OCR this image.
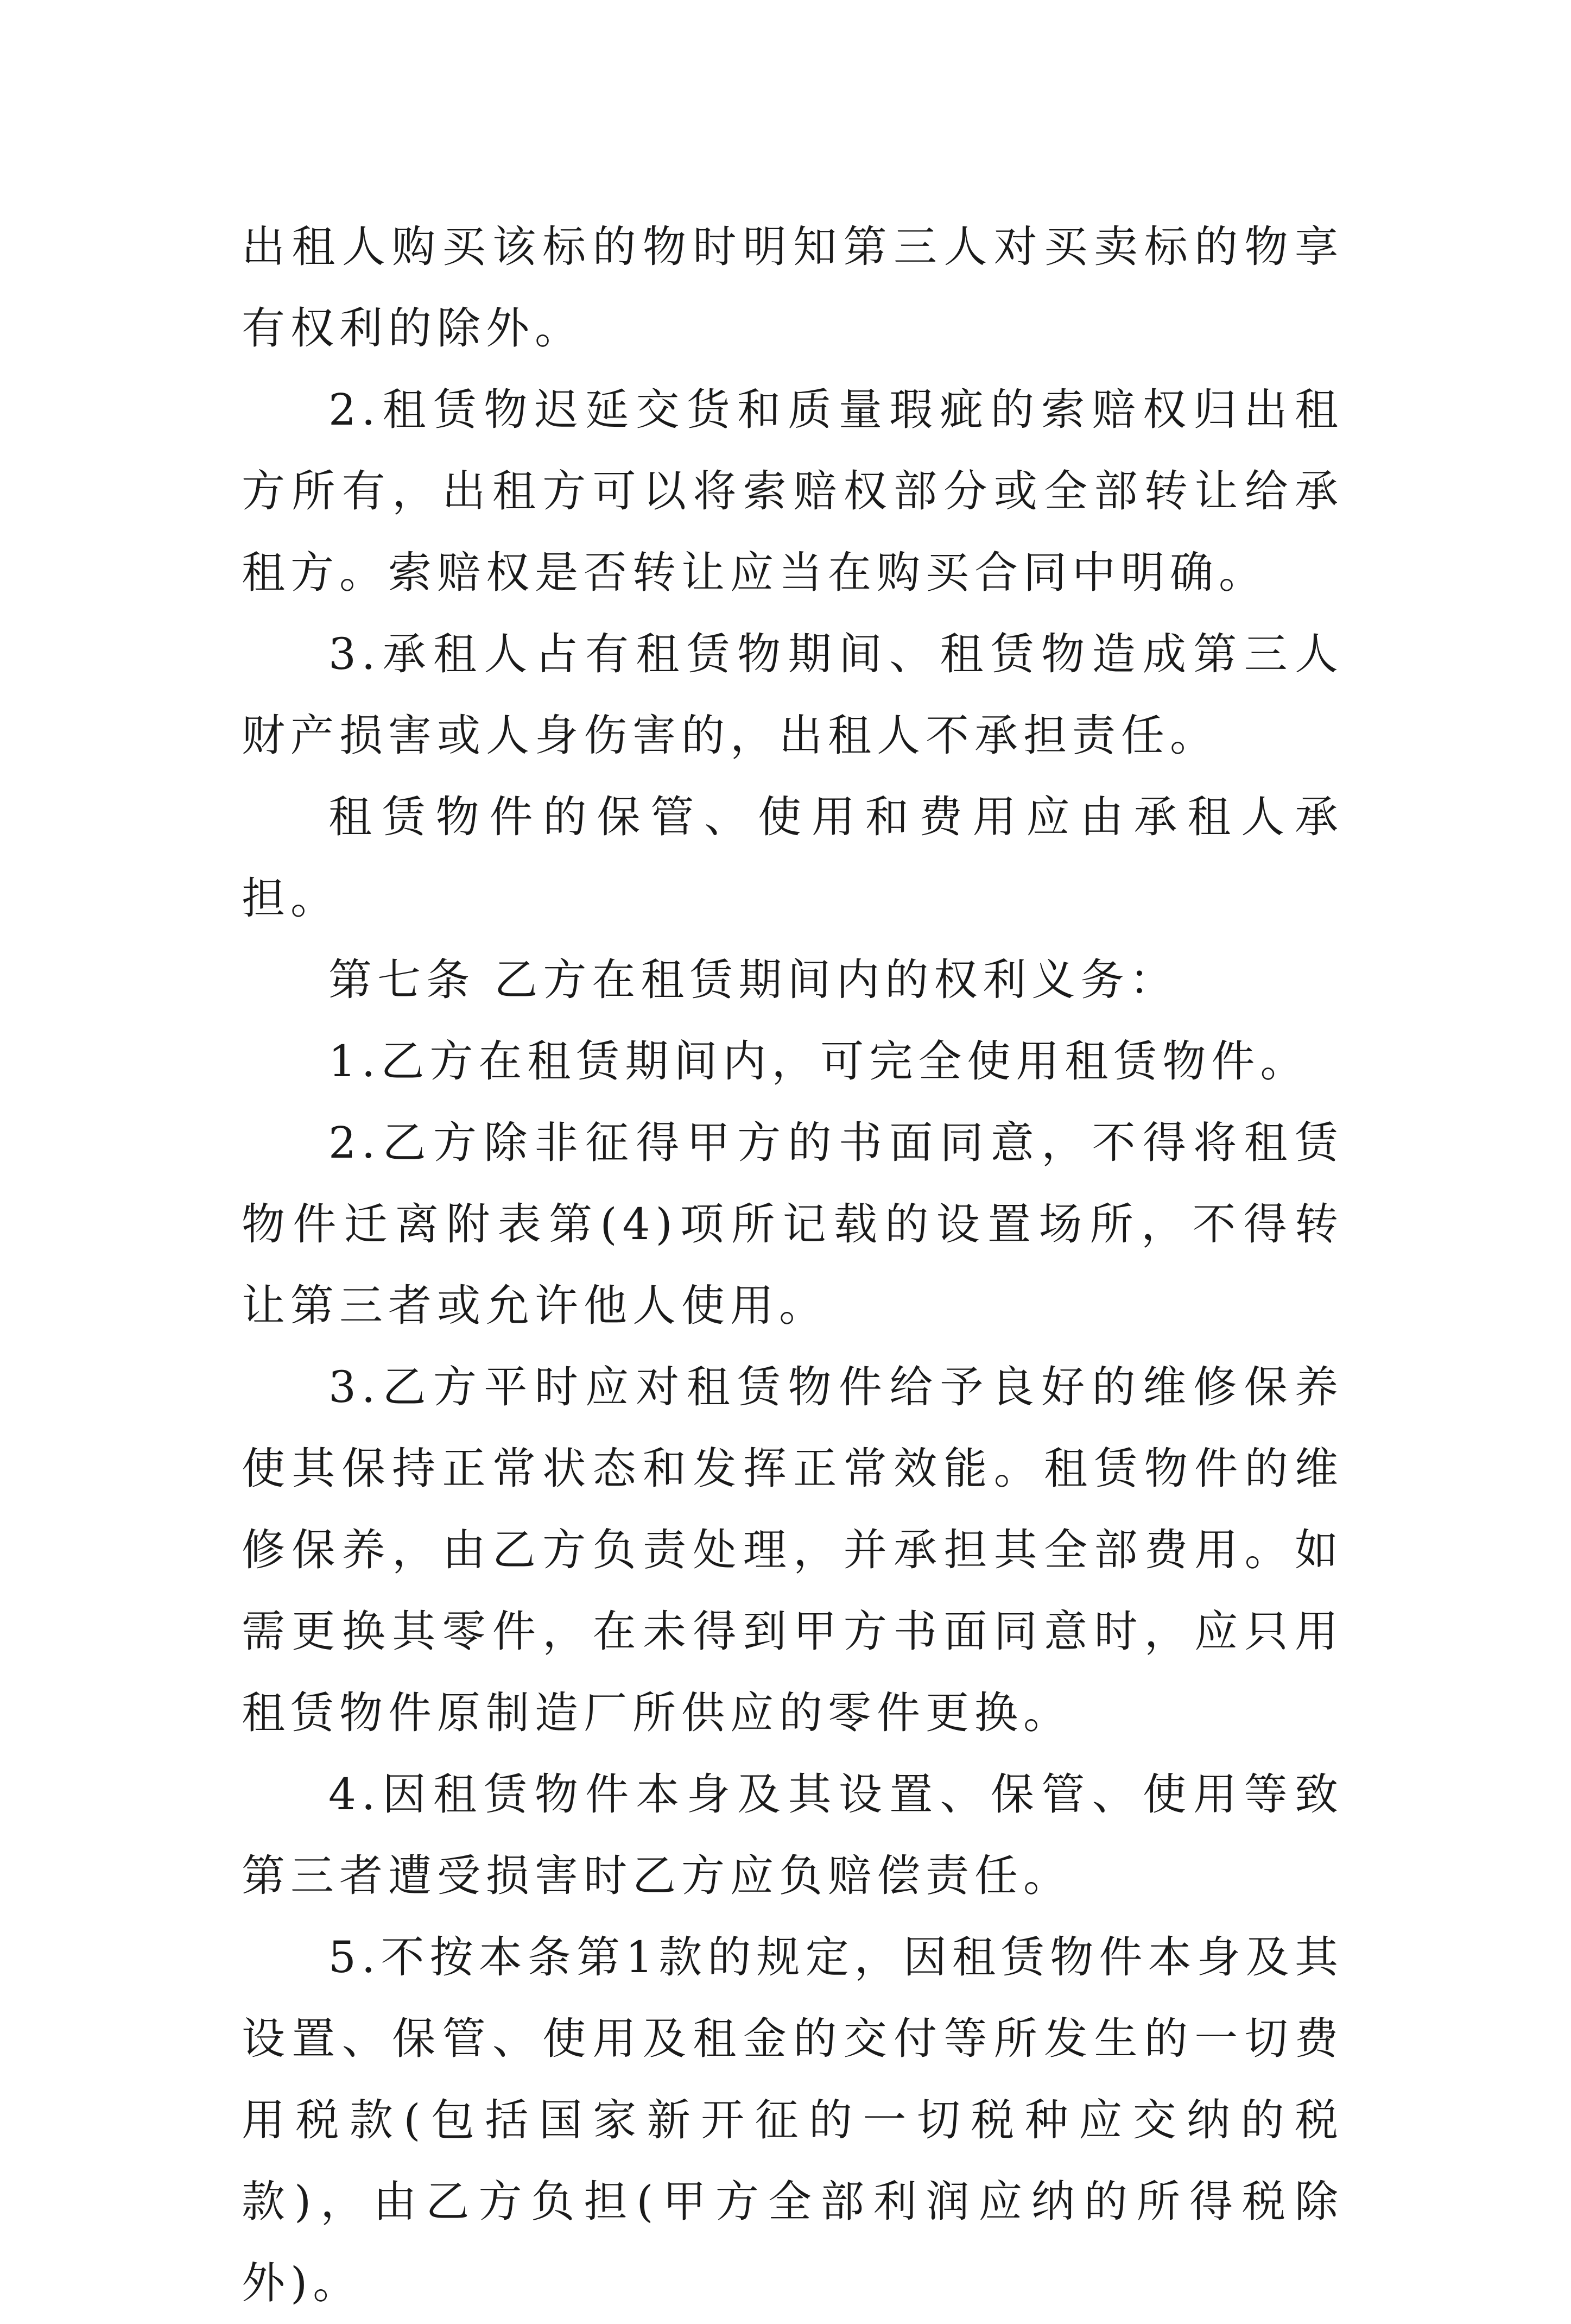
出租人购买该标的物时明知第三人对买卖标的物享有权利的除外。

2.租赁物迟延交货和质量瑕疵的索赔权归出租方所有，出租方可以将索赔权部分或全部转让给承租方。索赔权是否转让应当在购买合同中明确。

3.承租人占有租赁物期间、租赁物造成第三人财产损害或人身伤害的，出租人不承担责任。

租赁物件的保管、使用和费用应由承租人承担。

第七条 乙方在租赁期间内的权利义务：

1.乙方在租赁期间内，可完全使用租赁物件。

2.乙方除非征得甲方的书面同意，不得将租赁物件迁离附表第(4)项所记载的设置场所，不得转让第三者或允许他人使用。

3.乙方平时应对租赁物件给予良好的维修保养使其保持正常状态和发挥正常效能。租赁物件的维修保养，由乙方负责处理，并承担其全部费用。如需更换其零件，在未得到甲方书面同意时，应只用租赁物件原制造厂所供应的零件更换。

4.因租赁物件本身及其设置、保管、使用等致第三者遭受损害时乙方应负赔偿责任。

5.不按本条第1款的规定，因租赁物件本身及其设置、保管、使用及租金的交付等所发生的一切费用税款(包括国家新开征的一切税种应交纳的税款)，由乙方负担(甲方全部利润应纳的所得税除外)。
